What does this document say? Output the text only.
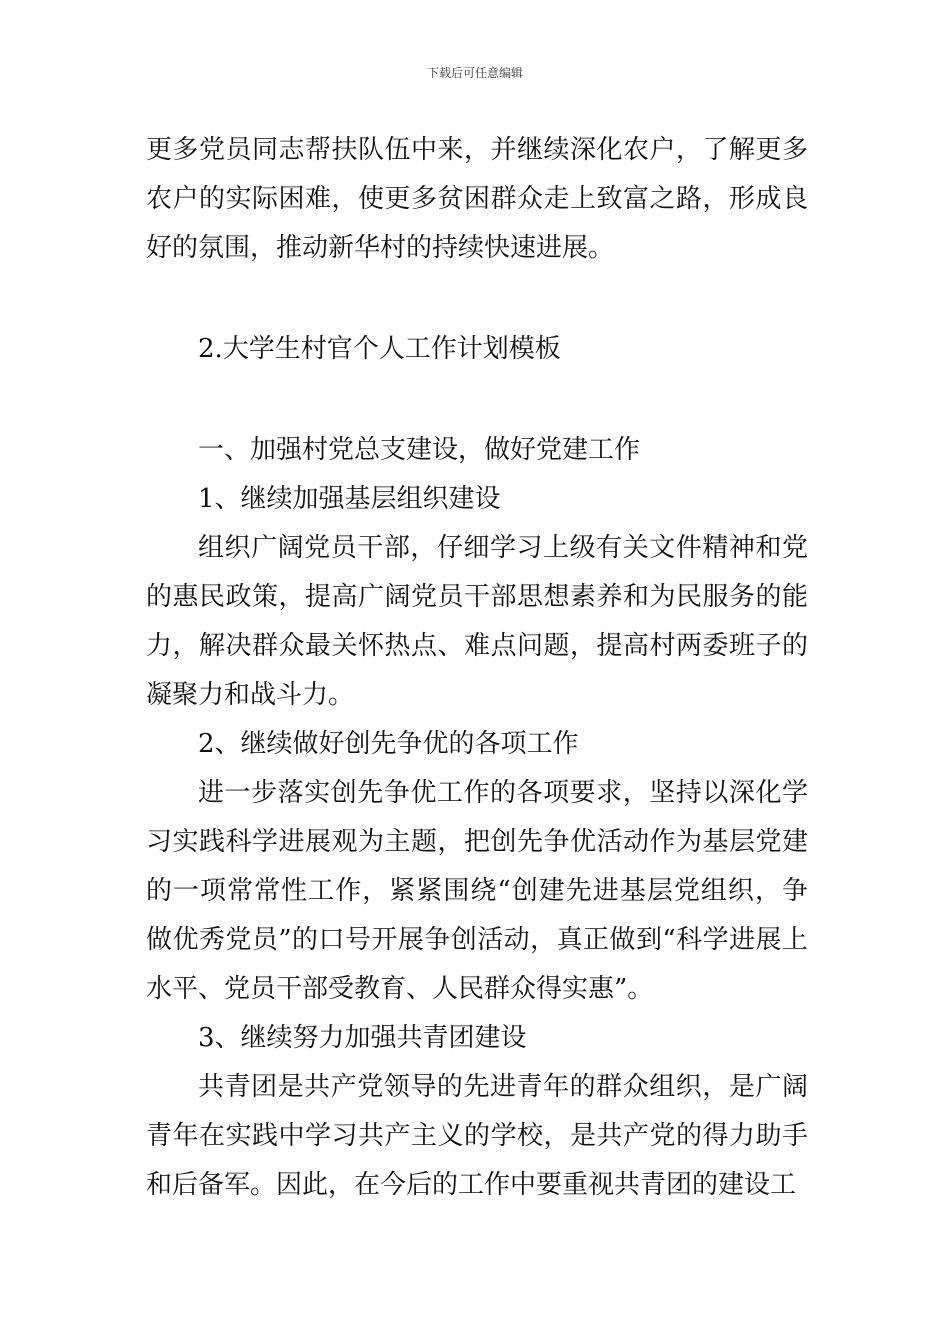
下载后可任意编辑

更多党员同志帮扶队伍中来，并继续深化农户，了解更多农户的实际困难，使更多贫困群众走上致富之路，形成良好的氛围，推动新华村的持续快速进展。

2.大学生村官个人工作计划模板

一、加强村党总支建设，做好党建工作

1、继续加强基层组织建设

组织广阔党员干部，仔细学习上级有关文件精神和党的惠民政策，提高广阔党员干部思想素养和为民服务的能力，解决群众最关怀热点、难点问题，提高村两委班子的凝聚力和战斗力。

2、继续做好创先争优的各项工作

进一步落实创先争优工作的各项要求，坚持以深化学习实践科学进展观为主题，把创先争优活动作为基层党建的一项常常性工作，紧紧围绕“创建先进基层党组织，争做优秀党员”的口号开展争创活动，真正做到“科学进展上水平、党员干部受教育、人民群众得实惠”。

3、继续努力加强共青团建设

共青团是共产党领导的先进青年的群众组织，是广阔青年在实践中学习共产主义的学校，是共产党的得力助手和后备军。因此，在今后的工作中要重视共青团的建设工
